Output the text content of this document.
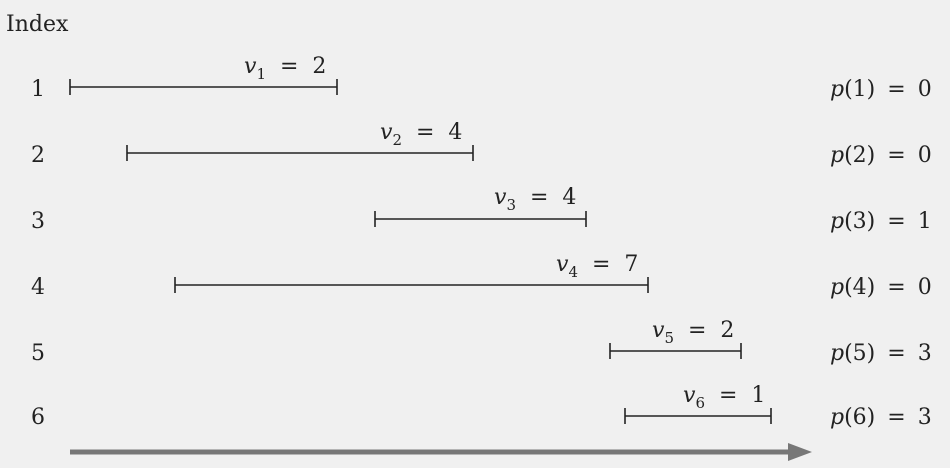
Index
1
$v_1 = 2$
p(1) = 0
2
$v_2 = 4$
p(2) = 0
3
$v_3 = 4$
p(3) = 1
4
$v_4 = 7$
p(4) = 0
5
$v_5 = 2$
p(5) = 3
6
$v_6 = 1$
p(6) = 3
